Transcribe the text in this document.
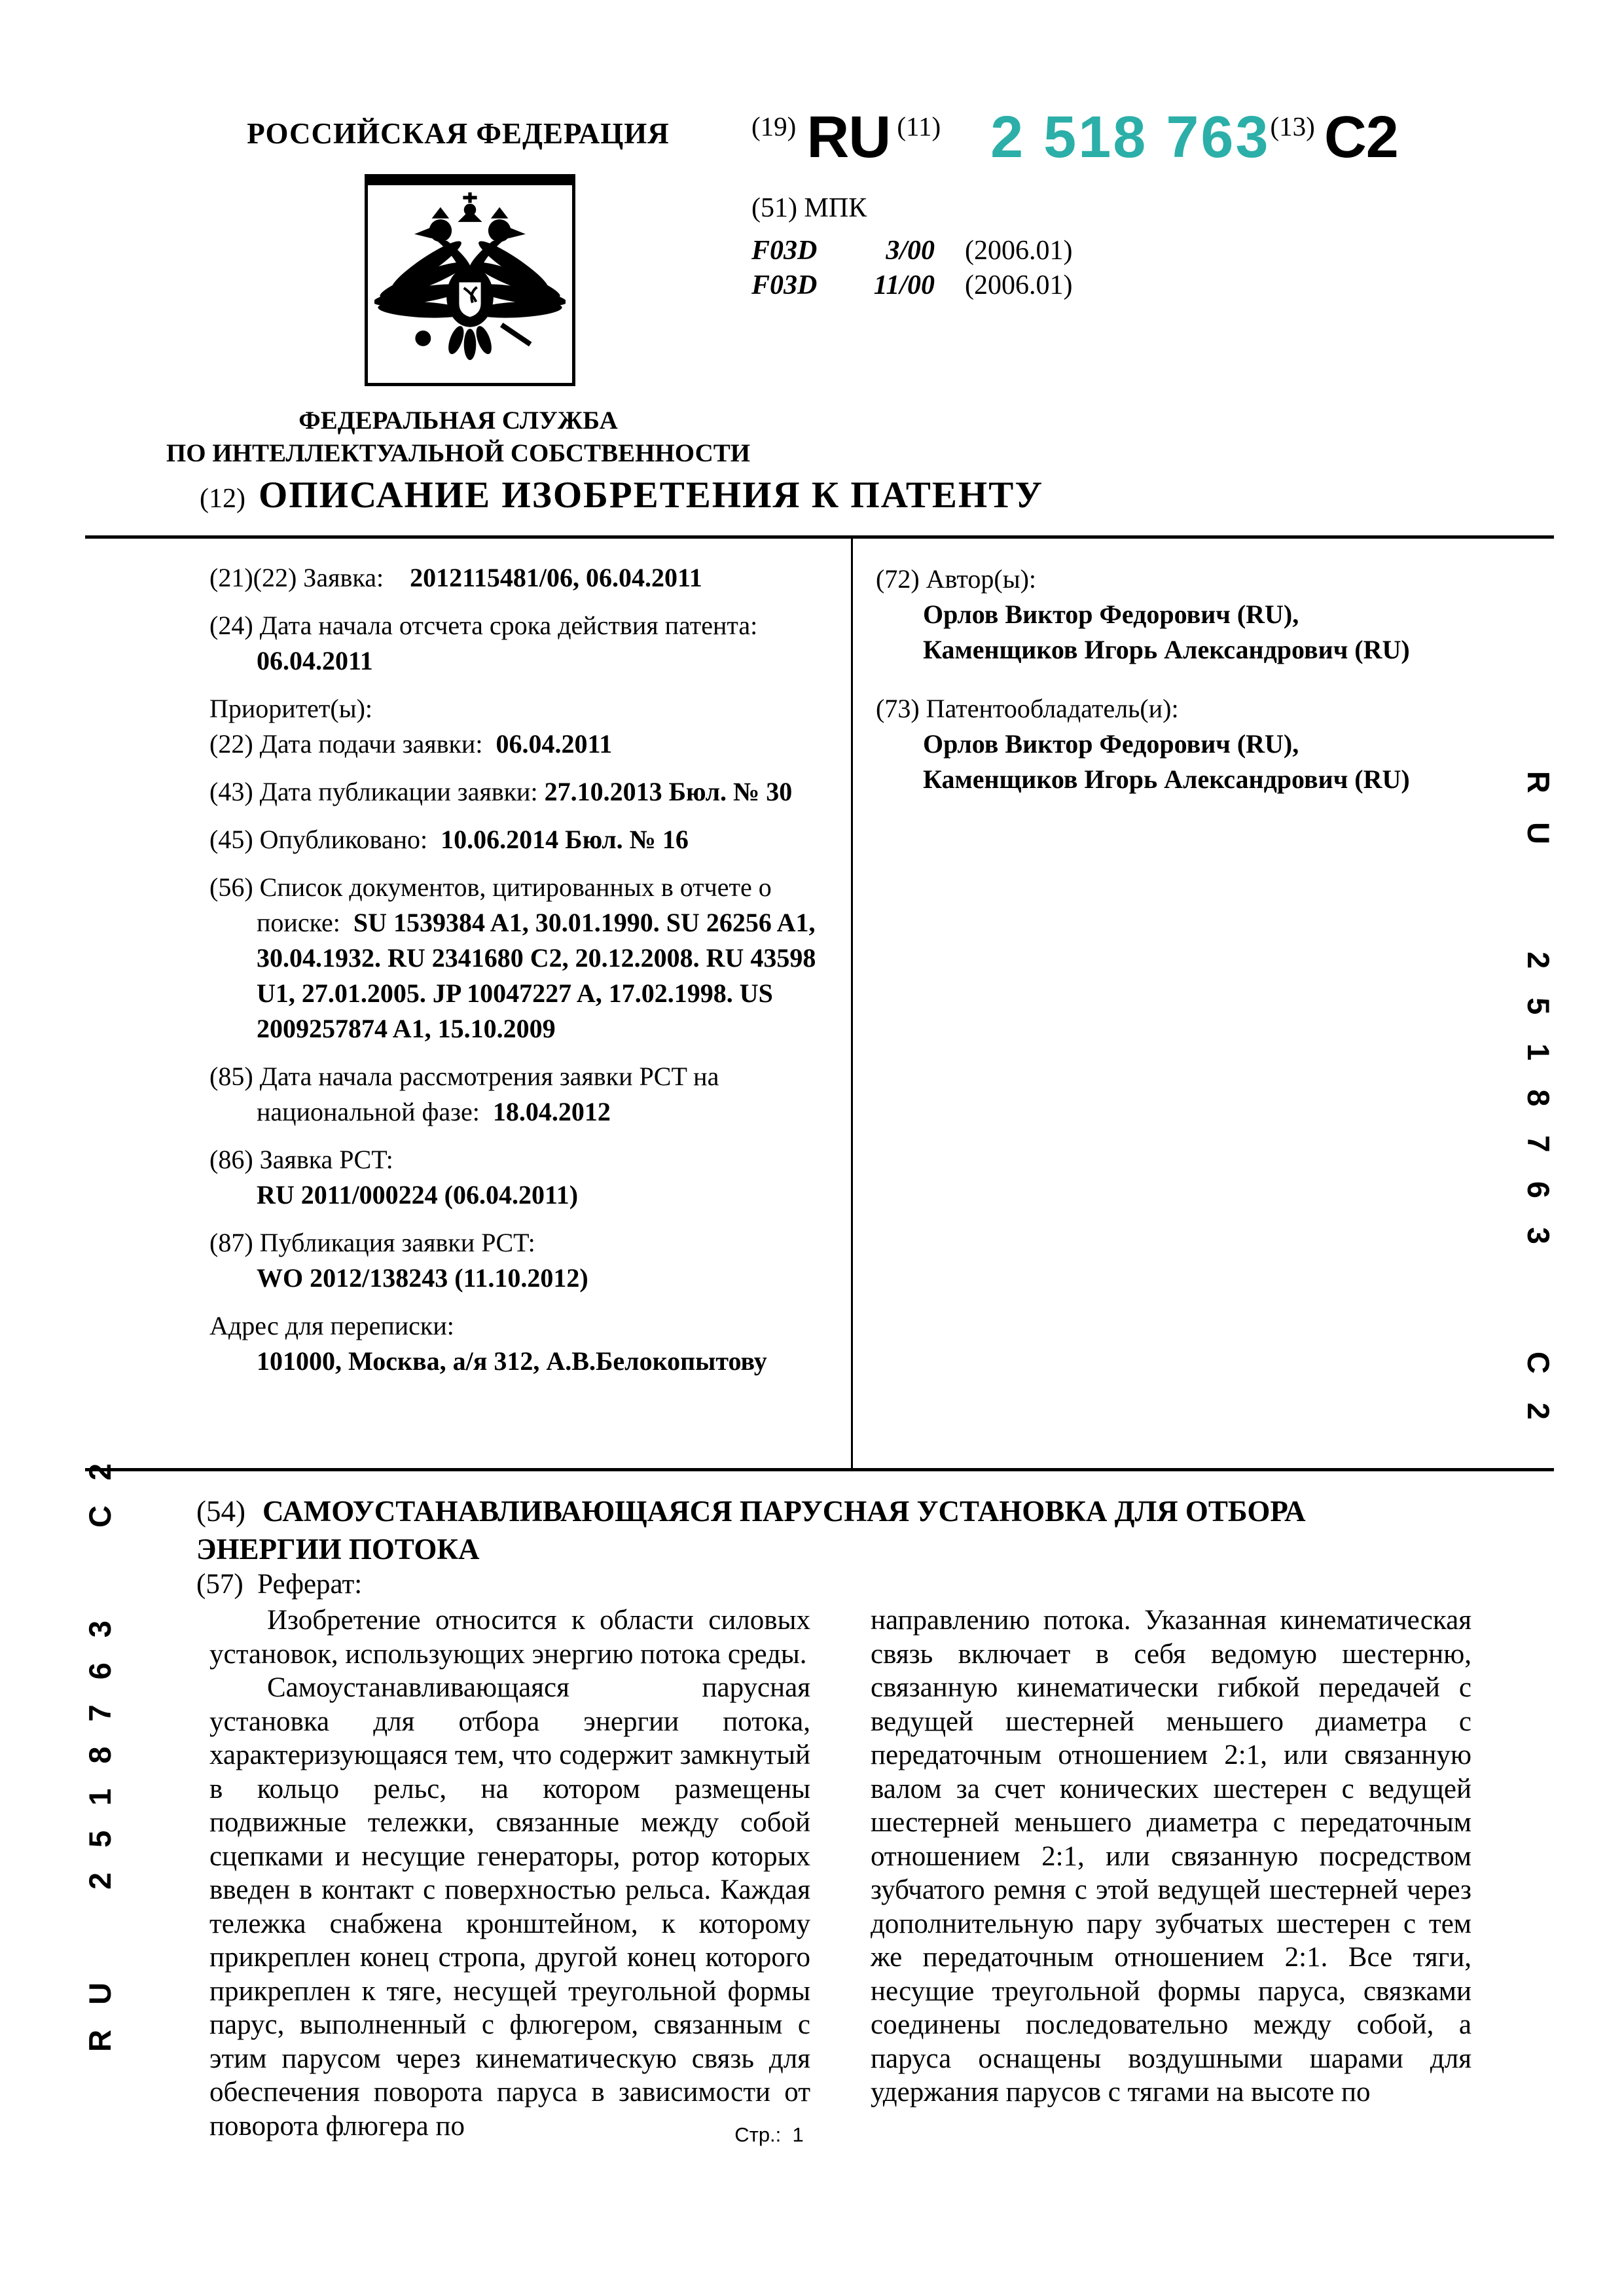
РОССИЙСКАЯ ФЕДЕРАЦИЯ
ФЕДЕРАЛЬНАЯ СЛУЖБА
ПО ИНТЕЛЛЕКТУАЛЬНОЙ СОБСТВЕННОСТИ
(19) RU (11) 2 518 763 (13) C2
(51) МПК
F03D 3/00 (2006.01)
F03D 11/00 (2006.01)
(12) ОПИСАНИЕ ИЗОБРЕТЕНИЯ К ПАТЕНТУ
(21)(22) Заявка: 2012115481/06, 06.04.2011
(24) Дата начала отсчета срока действия патента:
06.04.2011
Приоритет(ы):
(22) Дата подачи заявки: 06.04.2011
(43) Дата публикации заявки: 27.10.2013 Бюл. № 30
(45) Опубликовано: 10.06.2014 Бюл. № 16
(56) Список документов, цитированных в отчете о поиске: SU 1539384 A1, 30.01.1990. SU 26256 A1, 30.04.1932. RU 2341680 C2, 20.12.2008. RU 43598 U1, 27.01.2005. JP 10047227 A, 17.02.1998. US 2009257874 A1, 15.10.2009
(85) Дата начала рассмотрения заявки PCT на национальной фазе: 18.04.2012
(86) Заявка PCT:
RU 2011/000224 (06.04.2011)
(87) Публикация заявки PCT:
WO 2012/138243 (11.10.2012)
Адрес для переписки:
101000, Москва, а/я 312, А.В.Белокопытову
(72) Автор(ы):
Орлов Виктор Федорович (RU),
Каменщиков Игорь Александрович (RU)
(73) Патентообладатель(и):
Орлов Виктор Федорович (RU),
Каменщиков Игорь Александрович (RU)
(54) САМОУСТАНАВЛИВАЮЩАЯСЯ ПАРУСНАЯ УСТАНОВКА ДЛЯ ОТБОРА ЭНЕРГИИ ПОТОКА
(57)  Реферат:

Изобретение относится к области силовых установок, использующих энергию потока среды.

Самоустанавливающаяся парусная установка для отбора энергии потока, характеризующаяся тем, что содержит замкнутый в кольцо рельс, на котором размещены подвижные тележки, связанные между собой сцепками и несущие генераторы, ротор которых введен в контакт с поверхностью рельса. Каждая тележка снабжена кронштейном, к которому прикреплен конец стропа, другой конец которого прикреплен к тяге, несущей треугольной формы парус, выполненный с флюгером, связанным с этим парусом через кинематическую связь для обеспечения поворота паруса в зависимости от поворота флюгера по

направлению потока. Указанная кинематическая связь включает в себя ведомую шестерню, связанную кинематически гибкой передачей с ведущей шестерней меньшего диаметра с передаточным отношением 2:1, или связанную валом за счет конических шестерен с ведущей шестерней меньшего диаметра с передаточным отношением 2:1, или связанную посредством зубчатого ремня с этой ведущей шестерней через дополнительную пару зубчатых шестерен с тем же передаточным отношением 2:1. Все тяги, несущие треугольной формы паруса, связками соединены последовательно между собой, а паруса оснащены воздушными шарами для удержания парусов с тягами на высоте по

RU2518763C2
RU2518763C2
Стр.:  1
